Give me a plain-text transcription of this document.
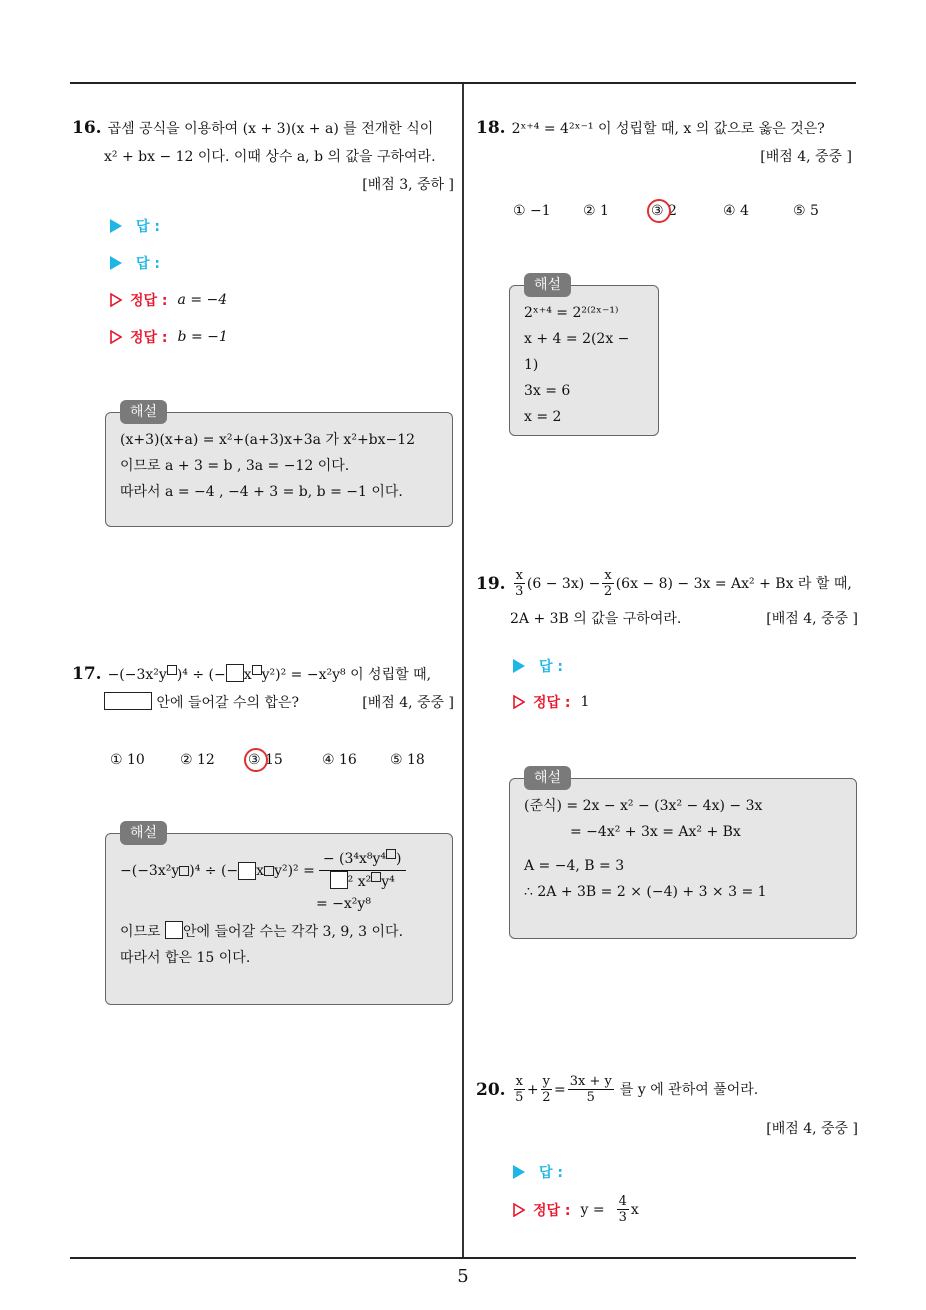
5
16. 곱셈 공식을 이용하여 (x + 3)(x + a) 를 전개한 식이
x² + bx − 12 이다. 이때 상수 a, b 의 값을 구하여라.
[배점 3, 중하 ]
답 :
답 :
정답 : a = −4
정답 : b = −1
해설
(x+3)(x+a) = x²+(a+3)x+3a 가 x²+bx−12
이므로 a + 3 = b , 3a = −12 이다.
따라서 a = −4 , −4 + 3 = b, b = −1 이다.
17. −(−3x²y )⁴ ÷ (− x y²)² = −x²y⁸ 이 성립할 때,
안에 들어갈 수의 합은?	[배점 4, 중중 ]
① 10	② 12	③ 15	④ 16	⑤ 18
해설
−(−3x²y )⁴ ÷ (− x $y^2)^2 = \frac{\text{− (3⁴x⁸y⁴ )}}{\text{² x² y⁴}}$
= −x²y⁸
이므로 안에 들어갈 수는 각각 3, 9, 3 이다.
따라서 합은 15 이다.
18. 2ˣ⁺⁴ = 4²ˣ⁻¹ 이 성립할 때, x 의 값으로 옳은 것은?
[배점 4, 중중 ]
① −1	② 1	③ 2	④ 4	⑤ 5
해설
2ˣ⁺⁴ = 2²⁽²ˣ⁻¹⁾
x + 4 = 2(2x − 1)
3x = 6
x = 2
19. $\frac{x}{3} (6 - 3x) - \frac{x}{2} (6x - 8) - 3x = Ax^2 + Bx$ 라 할 때,
2A + 3B 의 값을 구하여라.	[배점 4, 중중 ]
답 :
정답 : 1
해설
(준식) = 2x − x² − (3x² − 4x) − 3x
= −4x² + 3x = Ax² + Bx
A = −4, B = 3
∴ 2A + 3B = 2 × (−4) + 3 × 3 = 1
20. $\frac{x}{5} + \frac{y}{2} = \frac{3x + y}{5}$ 를 y 에 관하여 풀어라.
[배점 4, 중중 ]
답 :
정답 : $y = \frac{4}{3}$ x
